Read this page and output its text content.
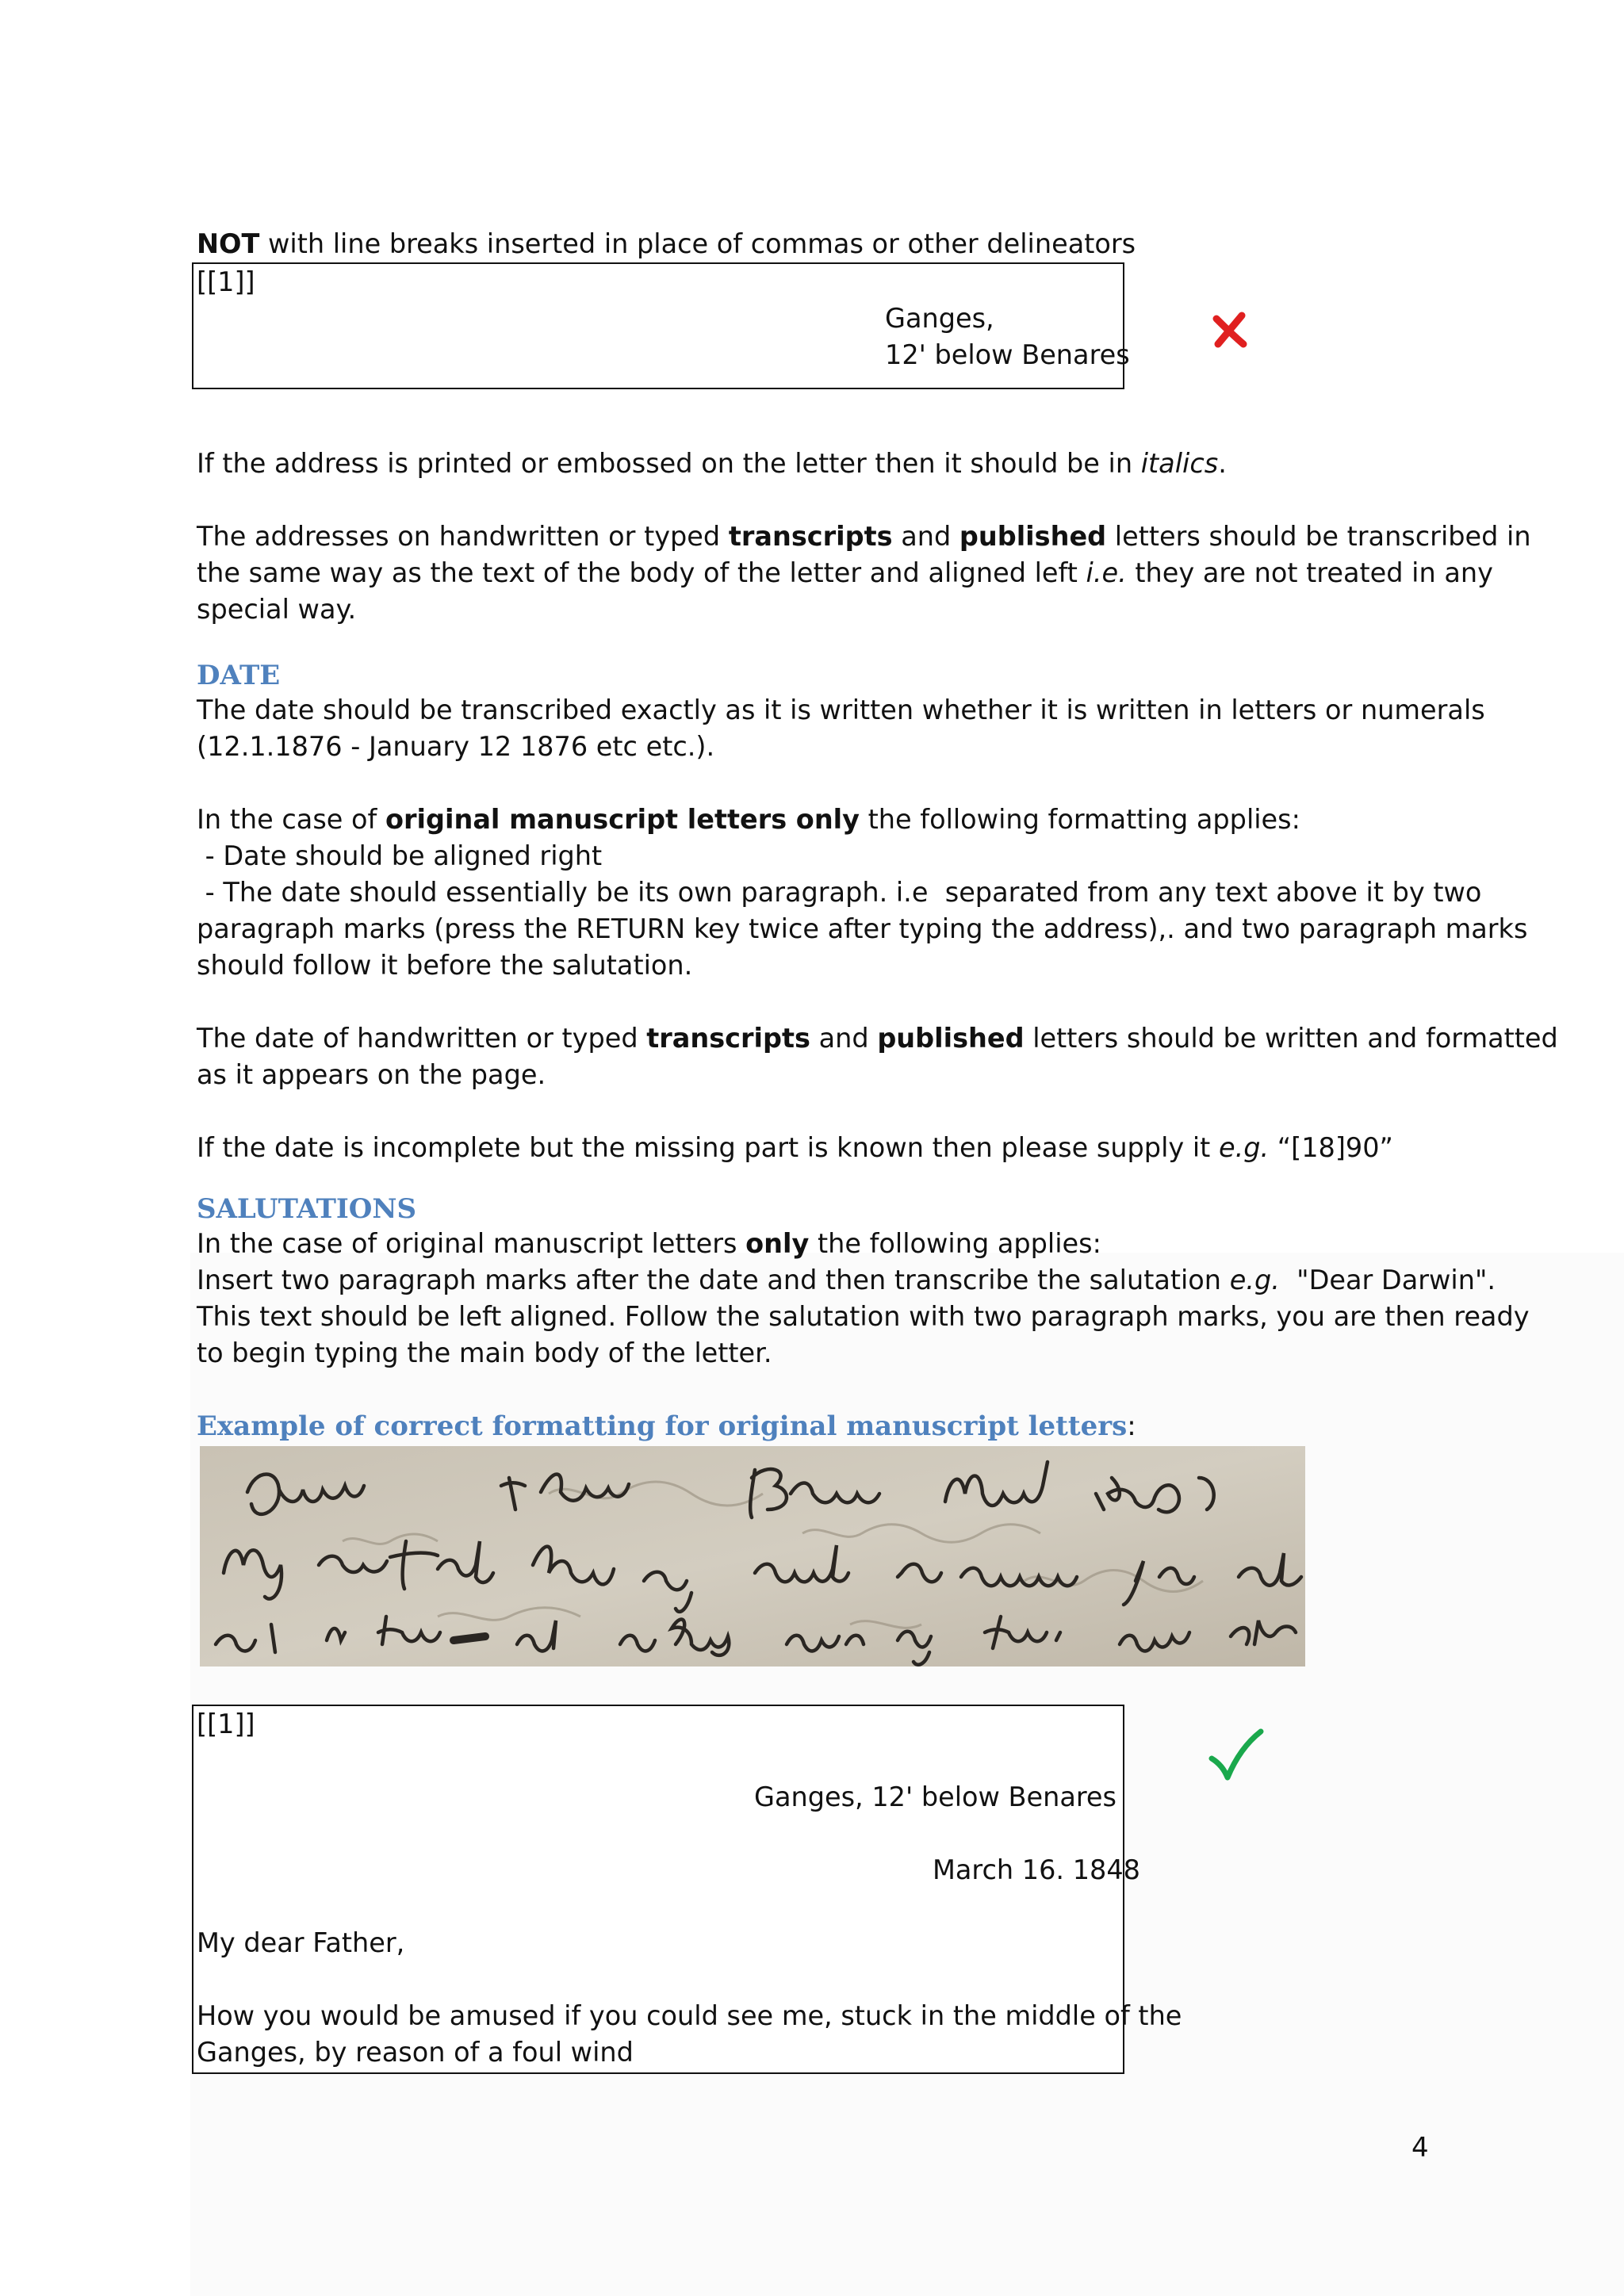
NOT with line breaks inserted in place of commas or other delineators
[[1]]
Ganges,
12' below Benares
If the address is printed or embossed on the letter then it should be in italics.
The addresses on handwritten or typed transcripts and published letters should be transcribed in
the same way as the text of the body of the letter and aligned left i.e. they are not treated in any
special way.
DATE
The date should be transcribed exactly as it is written whether it is written in letters or numerals
(12.1.1876 - January 12 1876 etc etc.).
In the case of original manuscript letters only the following formatting applies:
- Date should be aligned right
- The date should essentially be its own paragraph. i.e  separated from any text above it by two
paragraph marks (press the RETURN key twice after typing the address),. and two paragraph marks
should follow it before the salutation.
The date of handwritten or typed transcripts and published letters should be written and formatted
as it appears on the page.
If the date is incomplete but the missing part is known then please supply it e.g. “[18]90”
SALUTATIONS
In the case of original manuscript letters only the following applies:
Insert two paragraph marks after the date and then transcribe the salutation e.g.  "Dear Darwin".
This text should be left aligned. Follow the salutation with two paragraph marks, you are then ready
to begin typing the main body of the letter.
Example of correct formatting for original manuscript letters:
[[1]]
Ganges, 12' below Benares
March 16. 1848
My dear Father,
How you would be amused if you could see me, stuck in the middle of the
Ganges, by reason of a foul wind
4
